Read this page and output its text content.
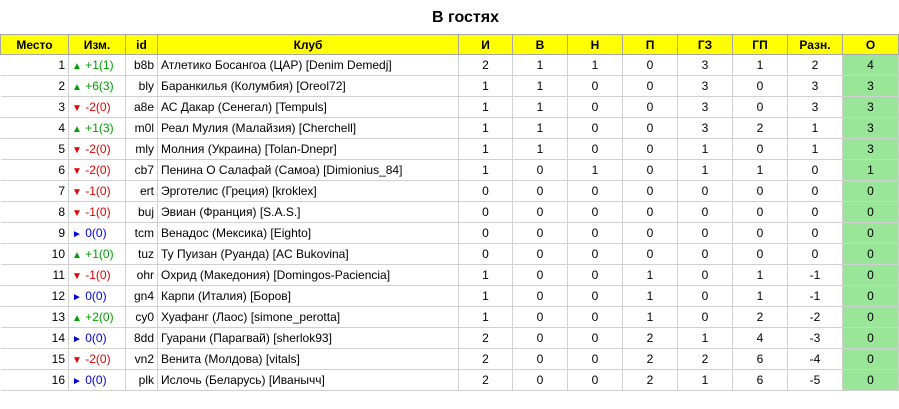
В гостях
Место	Изм.	id	Клуб	И	В	Н	П	ГЗ	ГП	Разн.	О
1	▲ +1(1)	b8b	Атлетико Босангоа (ЦАР) [Denim Demedj]	2	1	1	0	3	1	2	4
2	▲ +6(3)	bly	Баранкилья (Колумбия) [Oreol72]	1	1	0	0	3	0	3	3
3	▼ -2(0)	a8e	АС Дакар (Сенегал) [Tempuls]	1	1	0	0	3	0	3	3
4	▲ +1(3)	m0l	Реал Мулия (Малайзия) [Cherchell]	1	1	0	0	3	2	1	3
5	▼ -2(0)	mly	Молния (Украина) [Tolan-Dnepr]	1	1	0	0	1	0	1	3
6	▼ -2(0)	cb7	Пенина О Салафай (Самоа) [Dimionius_84]	1	0	1	0	1	1	0	1
7	▼ -1(0)	ert	Эрготелис (Греция) [kroklex]	0	0	0	0	0	0	0	0
8	▼ -1(0)	buj	Эвиан (Франция) [S.A.S.]	0	0	0	0	0	0	0	0
9	► 0(0)	tcm	Венадос (Мексика) [Eighto]	0	0	0	0	0	0	0	0
10	▲ +1(0)	tuz	Ту Пуизан (Руанда) [AC Bukovina]	0	0	0	0	0	0	0	0
11	▼ -1(0)	ohr	Охрид (Македония) [Domingos-Paciencia]	1	0	0	1	0	1	-1	0
12	► 0(0)	gn4	Карпи (Италия) [Боров]	1	0	0	1	0	1	-1	0
13	▲ +2(0)	cy0	Хуафанг (Лаос) [simone_perotta]	1	0	0	1	0	2	-2	0
14	► 0(0)	8dd	Гуарани (Парагвай) [sherlok93]	2	0	0	2	1	4	-3	0
15	▼ -2(0)	vn2	Венита (Молдова) [vitals]	2	0	0	2	2	6	-4	0
16	► 0(0)	plk	Ислочь (Беларусь) [Иванычч]	2	0	0	2	1	6	-5	0
